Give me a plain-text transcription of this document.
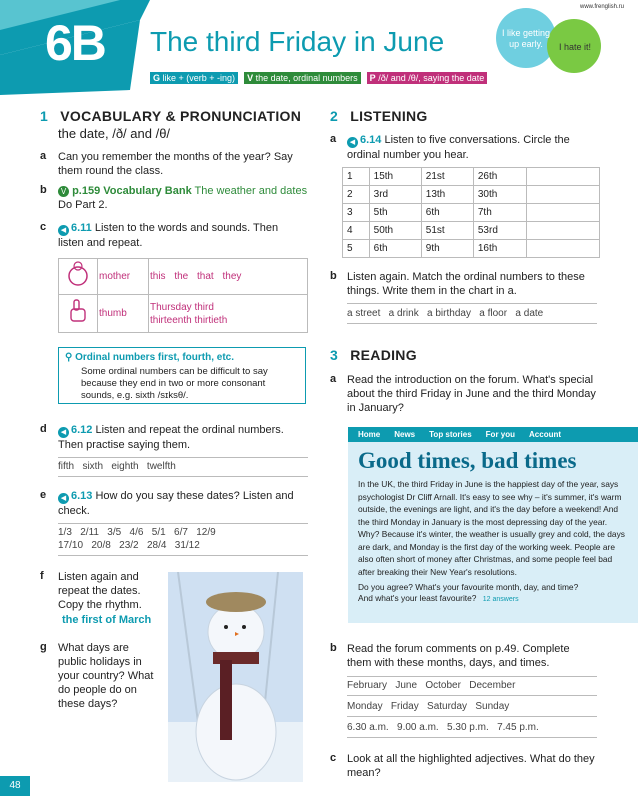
www.frenglish.ru
6B The third Friday in June	I like getting up early.	I hate it!
G like + (verb + -ing)	V the date, ordinal numbers	P /ð/ and /θ/, saying the date
1 VOCABULARY & PRONUNCIATION
the date, /ð/ and /θ/
a Can you remember the months of the year? Say them round the class.
b	V p.159 Vocabulary Bank The weather and dates
Do Part 2.
c	◀ 6.11 Listen to the words and sounds. Then listen and repeat.
	mother	this the that they
	thumb	Thursday third
thirteenth thirtieth
⚲ Ordinal numbers first, fourth, etc.
Some ordinal numbers can be difficult to say because they end in two or more consonant sounds, e.g. sixth /sɪksθ/.
d	◀ 6.12 Listen and repeat the ordinal numbers. Then practise saying them.
fifth   sixth   eighth   twelfth
e	◀ 6.13 How do you say these dates? Listen and check.
1/3   2/11   3/5   4/6   5/1   6/7   12/9
17/10   20/8   23/2   28/4   31/12
f Listen again and repeat the dates. Copy the rhythm.
the first of March
g What days are public holidays in your country? What do people do on these days?
2 LISTENING
a	◀ 6.14 Listen to five conversations. Circle the ordinal number you hear.
1	15th	21st	26th	
2	3rd	13th	30th	
3	5th	6th	7th	
4	50th	51st	53rd	
5	6th	9th	16th	
b Listen again. Match the ordinal numbers to these things. Write them in the chart in a.
a street   a drink   a birthday   a floor   a date
3 READING
a Read the introduction on the forum. What's special about the third Friday in June and the third Monday in January?
Home News Top stories For you Account
Good times, bad times
In the UK, the third Friday in June is the happiest day of the year, says psychologist Dr Cliff Arnall. It's easy to see why – it's summer, it's warm outside, the evenings are light, and it's the day before a weekend! And the third Monday in January is the most depressing day of the year. Why? Because it's winter, the weather is usually grey and cold, the days are dark, and Monday is the first day of the working week. People are also often short of money after Christmas, and some people feel bad after breaking their New Year's resolutions.
Do you agree? What's your favourite month, day, and time?
And what's your least favourite? 12 answers
b Read the forum comments on p.49. Complete them with these months, days, and times.
February   June   October   December
Monday   Friday   Saturday   Sunday
6.30 a.m.   9.00 a.m.   5.30 p.m.   7.45 p.m.
c Look at all the highlighted adjectives. What do they mean?
48
